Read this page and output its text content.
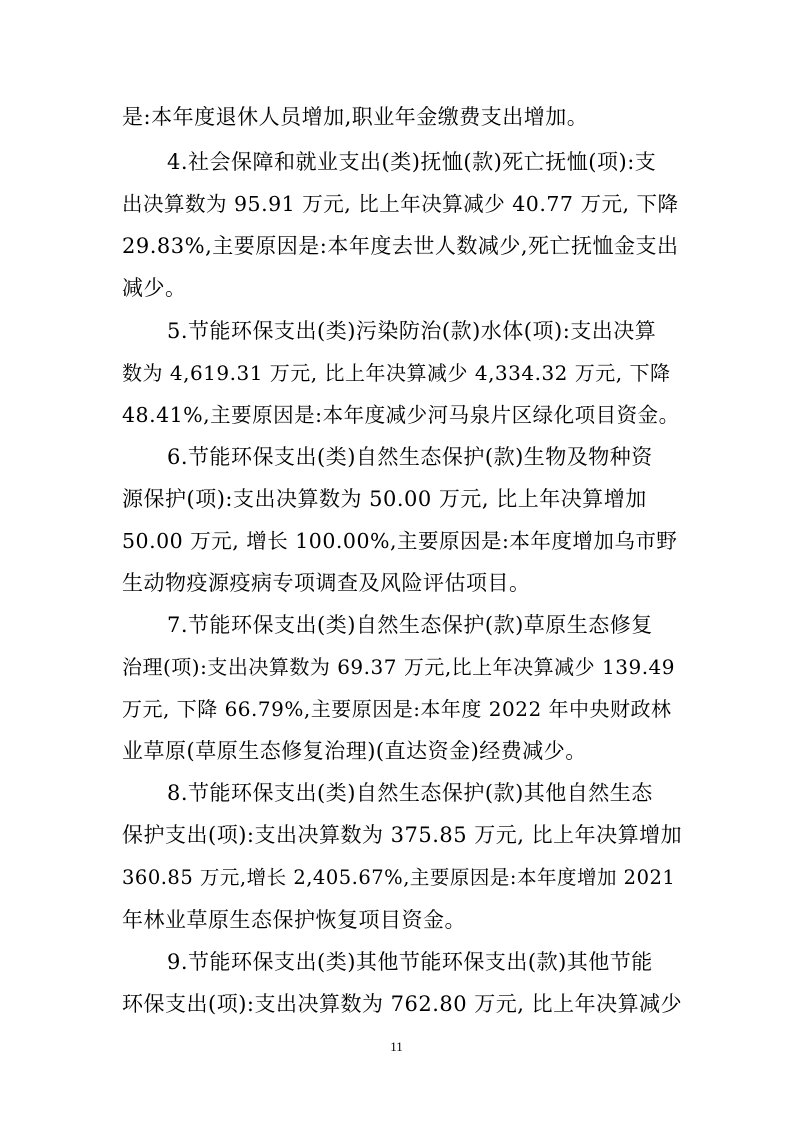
是:本年度退休人员增加,职业年金缴费支出增加。
4.社会保障和就业支出(类)抚恤(款)死亡抚恤(项):支
出决算数为 95.91 万元, 比上年决算减少 40.77 万元, 下降
29.83%,主要原因是:本年度去世人数减少,死亡抚恤金支出
减少。
5.节能环保支出(类)污染防治(款)水体(项):支出决算
数为 4,619.31 万元, 比上年决算减少 4,334.32 万元, 下降
48.41%,主要原因是:本年度减少河马泉片区绿化项目资金。
6.节能环保支出(类)自然生态保护(款)生物及物种资
源保护(项):支出决算数为 50.00 万元, 比上年决算增加
50.00 万元, 增长 100.00%,主要原因是:本年度增加乌市野
生动物疫源疫病专项调查及风险评估项目。
7.节能环保支出(类)自然生态保护(款)草原生态修复
治理(项):支出决算数为 69.37 万元,比上年决算减少 139.49
万元, 下降 66.79%,主要原因是:本年度 2022 年中央财政林
业草原(草原生态修复治理)(直达资金)经费减少。
8.节能环保支出(类)自然生态保护(款)其他自然生态
保护支出(项):支出决算数为 375.85 万元, 比上年决算增加
360.85 万元,增长 2,405.67%,主要原因是:本年度增加 2021
年林业草原生态保护恢复项目资金。
9.节能环保支出(类)其他节能环保支出(款)其他节能
环保支出(项):支出决算数为 762.80 万元, 比上年决算减少
11
